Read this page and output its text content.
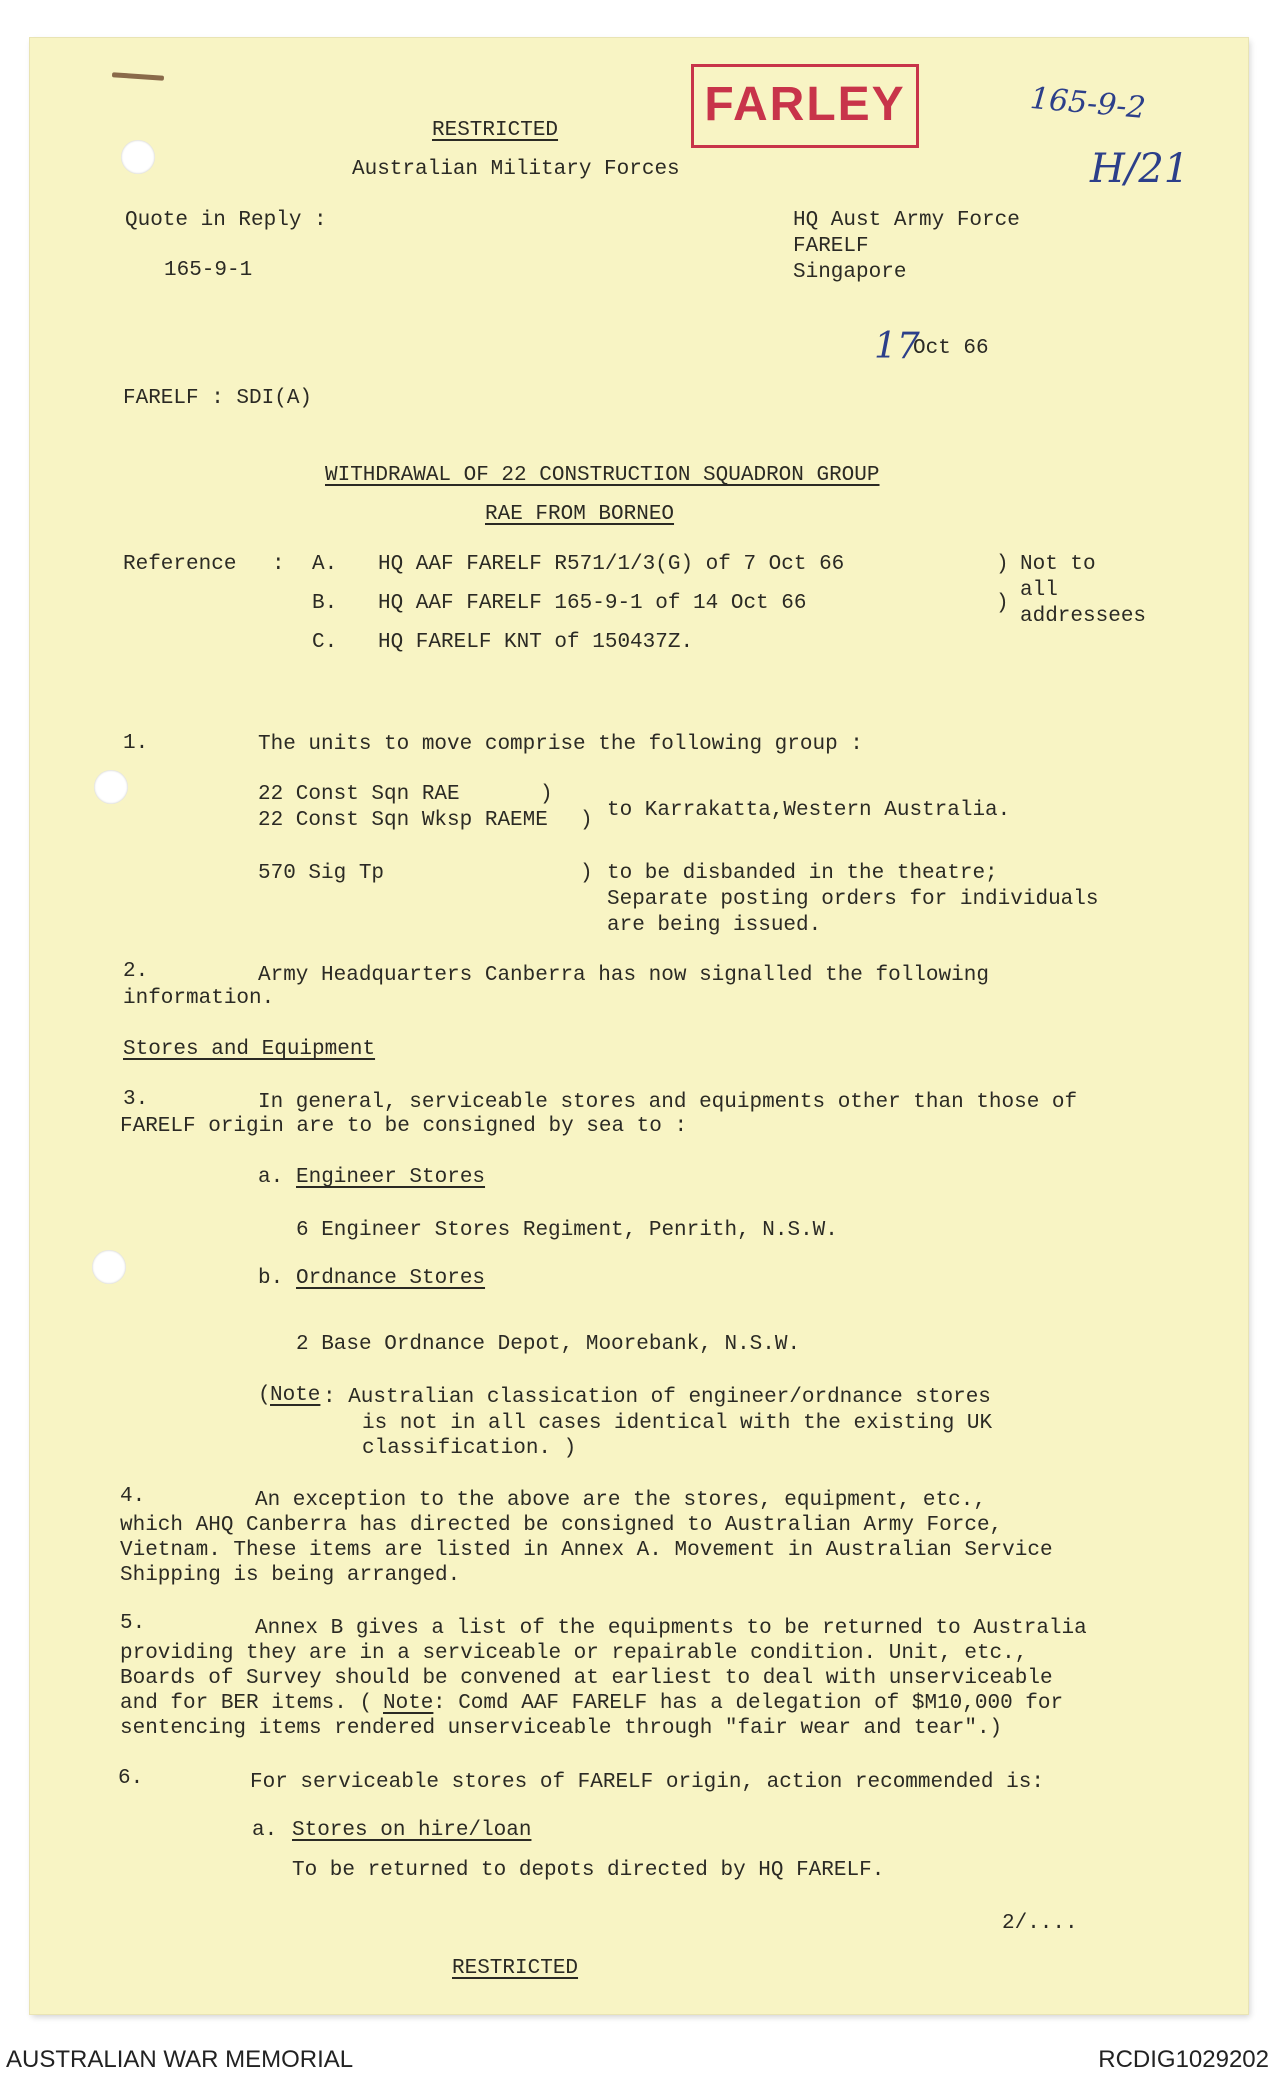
FARLEY	165-9-2
H/21
17
RESTRICTED
Australian Military Forces
Quote in Reply :
165-9-1
HQ Aust Army Force
FARELF
Singapore
Oct 66
FARELF : SDI(A)
WITHDRAWAL OF 22 CONSTRUCTION SQUADRON GROUP
RAE FROM BORNEO
Reference : A. HQ AAF FARELF R571/1/3(G) of 7 Oct 66
B. HQ AAF FARELF 165-9-1 of 14 Oct 66
C. HQ FARELF KNT of 150437Z.
)
)
Not to
all
addressees
1.	The units to move comprise the following group :
22 Const Sqn RAE	)
22 Const Sqn Wksp RAEME ) to Karrakatta,Western Australia.
570 Sig Tp	) to be disbanded in the theatre;
Separate posting orders for individuals
are being issued.
2.	Army Headquarters Canberra has now signalled the following
information.
Stores and Equipment
3.	In general, serviceable stores and equipments other than those of
FARELF origin are to be consigned by sea to :
a. Engineer Stores
6 Engineer Stores Regiment, Penrith, N.S.W.
b. Ordnance Stores
2 Base Ordnance Depot, Moorebank, N.S.W.
( Note : Australian classication of engineer/ordnance stores
is not in all cases identical with the existing UK
classification. )
4.	An exception to the above are the stores, equipment, etc.,
which AHQ Canberra has directed be consigned to Australian Army Force,
Vietnam. These items are listed in Annex A. Movement in Australian Service
Shipping is being arranged.
5.	Annex B gives a list of the equipments to be returned to Australia
providing they are in a serviceable or repairable condition. Unit, etc.,
Boards of Survey should be convened at earliest to deal with unserviceable
and for BER items. ( Note : Comd AAF FARELF has a delegation of $M10,000 for
sentencing items rendered unserviceable through "fair wear and tear".)
6.	For serviceable stores of FARELF origin, action recommended is:
a. Stores on hire/loan
To be returned to depots directed by HQ FARELF.
2/....
RESTRICTED
AUSTRALIAN WAR MEMORIAL	RCDIG1029202
